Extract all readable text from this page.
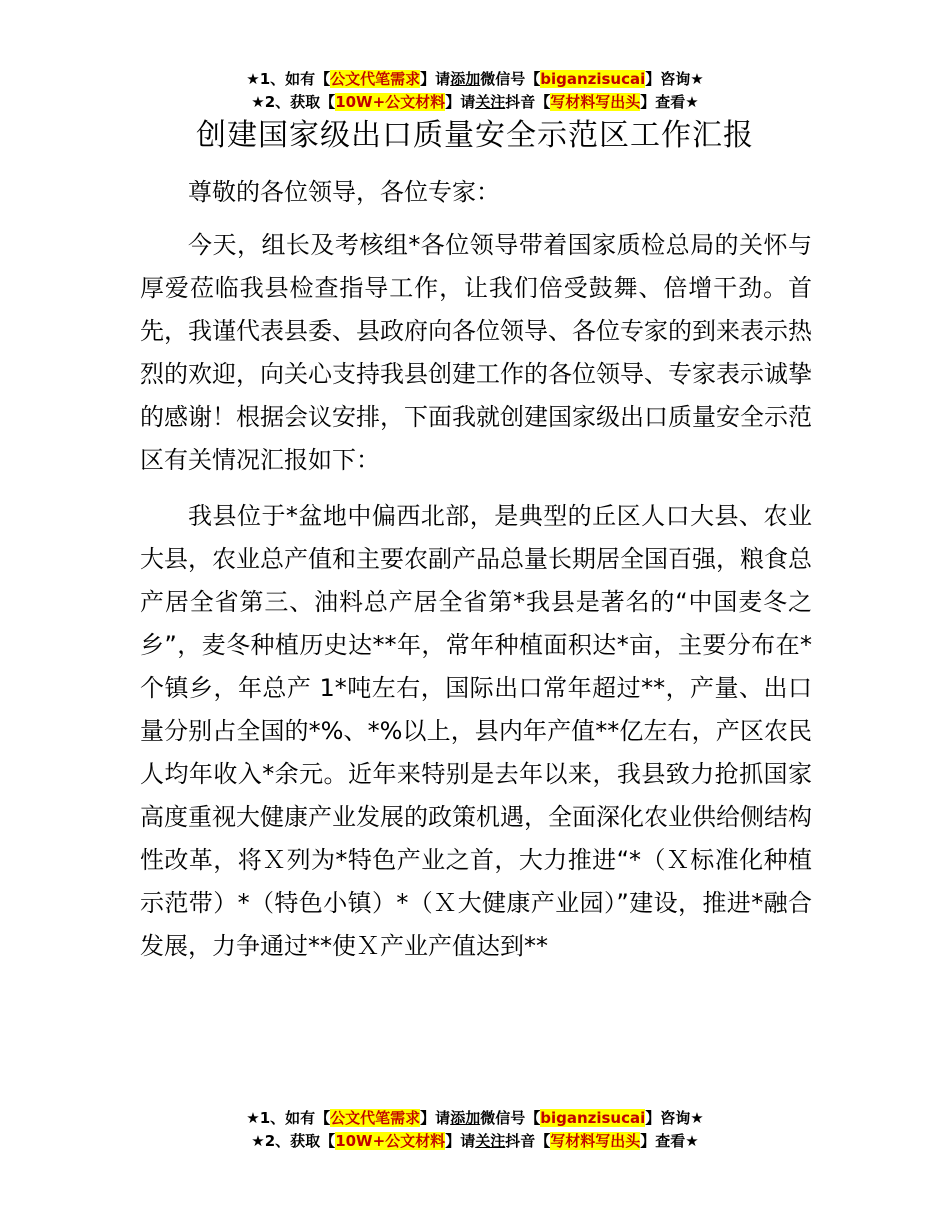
★1、如有【公文代笔需求】请添加微信号【biganzisucai】咨询★
★2、获取【10W+公文材料】请关注抖音【写材料写出头】查看★
创建国家级出口质量安全示范区工作汇报

尊敬的各位领导，各位专家：

今天，组长及考核组*各位领导带着国家质检总局的关怀与厚爱莅临我县检查指导工作，让我们倍受鼓舞、倍增干劲。首先，我谨代表县委、县政府向各位领导、各位专家的到来表示热烈的欢迎，向关心支持我县创建工作的各位领导、专家表示诚挚的感谢！根据会议安排，下面我就创建国家级出口质量安全示范区有关情况汇报如下：

我县位于*盆地中偏西北部，是典型的丘区人口大县、农业大县，农业总产值和主要农副产品总量长期居全国百强，粮食总产居全省第三、油料总产居全省第*我县是著名的“中国麦冬之乡”，麦冬种植历史达**年，常年种植面积达*亩，主要分布在*个镇乡，年总产 1*吨左右，国际出口常年超过**，产量、出口量分别占全国的*%、*%以上，县内年产值**亿左右，产区农民人均年收入*余元。近年来特别是去年以来，我县致力抢抓国家高度重视大健康产业发展的政策机遇，全面深化农业供给侧结构性改革，将Ｘ列为*特色产业之首，大力推进“*（Ｘ标准化种植示范带）*（特色小镇）*（Ｘ大健康产业园）”建设，推进*融合发展，力争通过**使Ｘ产业产值达到**

★1、如有【公文代笔需求】请添加微信号【biganzisucai】咨询★
★2、获取【10W+公文材料】请关注抖音【写材料写出头】查看★
